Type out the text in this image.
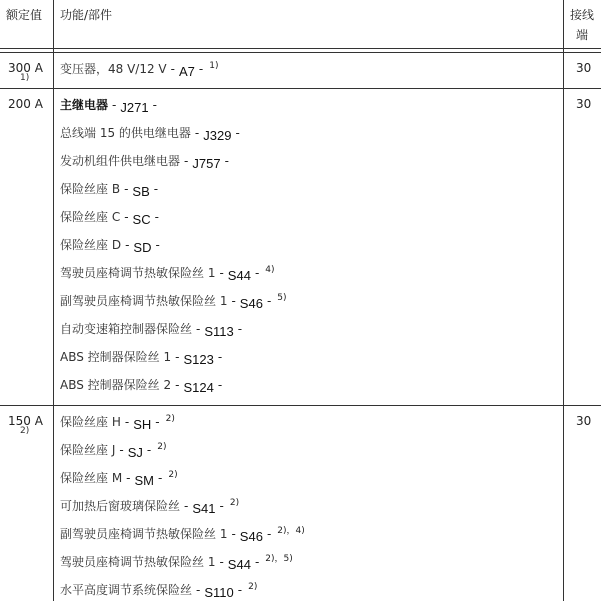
额定值 功能/部件	接线
端
300 A
1)
30
变压器，48 V/12 V - A7 - $^{1)}$
200 A	30
主继电器 - J271 -
总线端 15 的供电继电器 - J329 -
发动机组件供电继电器 - J757 -
保险丝座 B - SB -
保险丝座 C - SC -
保险丝座 D - SD -
驾驶员座椅调节热敏保险丝 1 - S44 - $^{4)}$
副驾驶员座椅调节热敏保险丝 1 - S46 - $^{5)}$
自动变速箱控制器保险丝 - S113 -
ABS 控制器保险丝 1 - S123 -
ABS 控制器保险丝 2 - S124 -
150 A
2)
30
保险丝座 H - SH - $^{2)}$
保险丝座 J - SJ - $^{2)}$
保险丝座 M - SM - $^{2)}$
可加热后窗玻璃保险丝 - S41 - $^{2)}$
副驾驶员座椅调节热敏保险丝 1 - S46 - $^{2),4)}$
驾驶员座椅调节热敏保险丝 1 - S44 - $^{2),5)}$
水平高度调节系统保险丝 - S110 - $^{2)}$
